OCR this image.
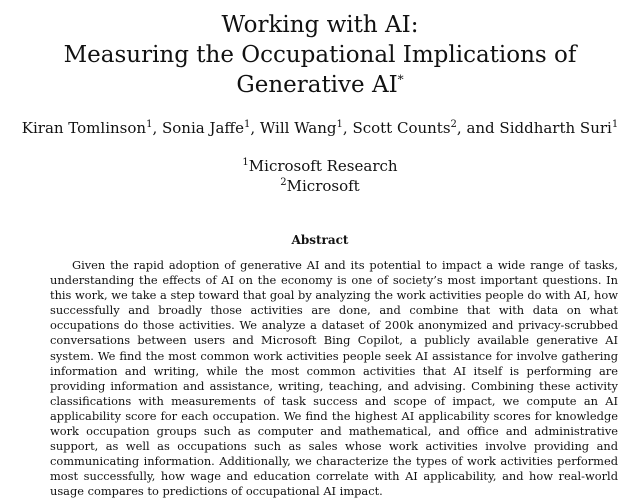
Working with AI:
Measuring the Occupational Implications of Generative AI*
Kiran Tomlinson$^1$, Sonia Jaffe$^1$, Will Wang$^1$, Scott Counts$^2$, and Siddharth Suri$^1$
$^1$Microsoft Research
$^2$Microsoft
Abstract

Given the rapid adoption of generative AI and its potential to impact a wide range of tasks, understanding the effects of AI on the economy is one of society’s most important questions. In this work, we take a step toward that goal by analyzing the work activities people do with AI, how successfully and broadly those activities are done, and combine that with data on what occupations do those activities. We analyze a dataset of 200k anonymized and privacy-scrubbed conversations between users and Microsoft Bing Copilot, a publicly available generative AI system. We find the most common work activities people seek AI assistance for involve gathering information and writing, while the most common activities that AI itself is performing are providing information and assistance, writing, teaching, and advising. Combining these activity classifications with measurements of task success and scope of impact, we compute an AI applicability score for each occupation. We find the highest AI applicability scores for knowledge work occupation groups such as computer and mathematical, and office and administrative support, as well as occupations such as sales whose work activities involve providing and communicating information. Additionally, we characterize the types of work activities performed most successfully, how wage and education correlate with AI applicability, and how real-world usage compares to predictions of occupational AI impact.
